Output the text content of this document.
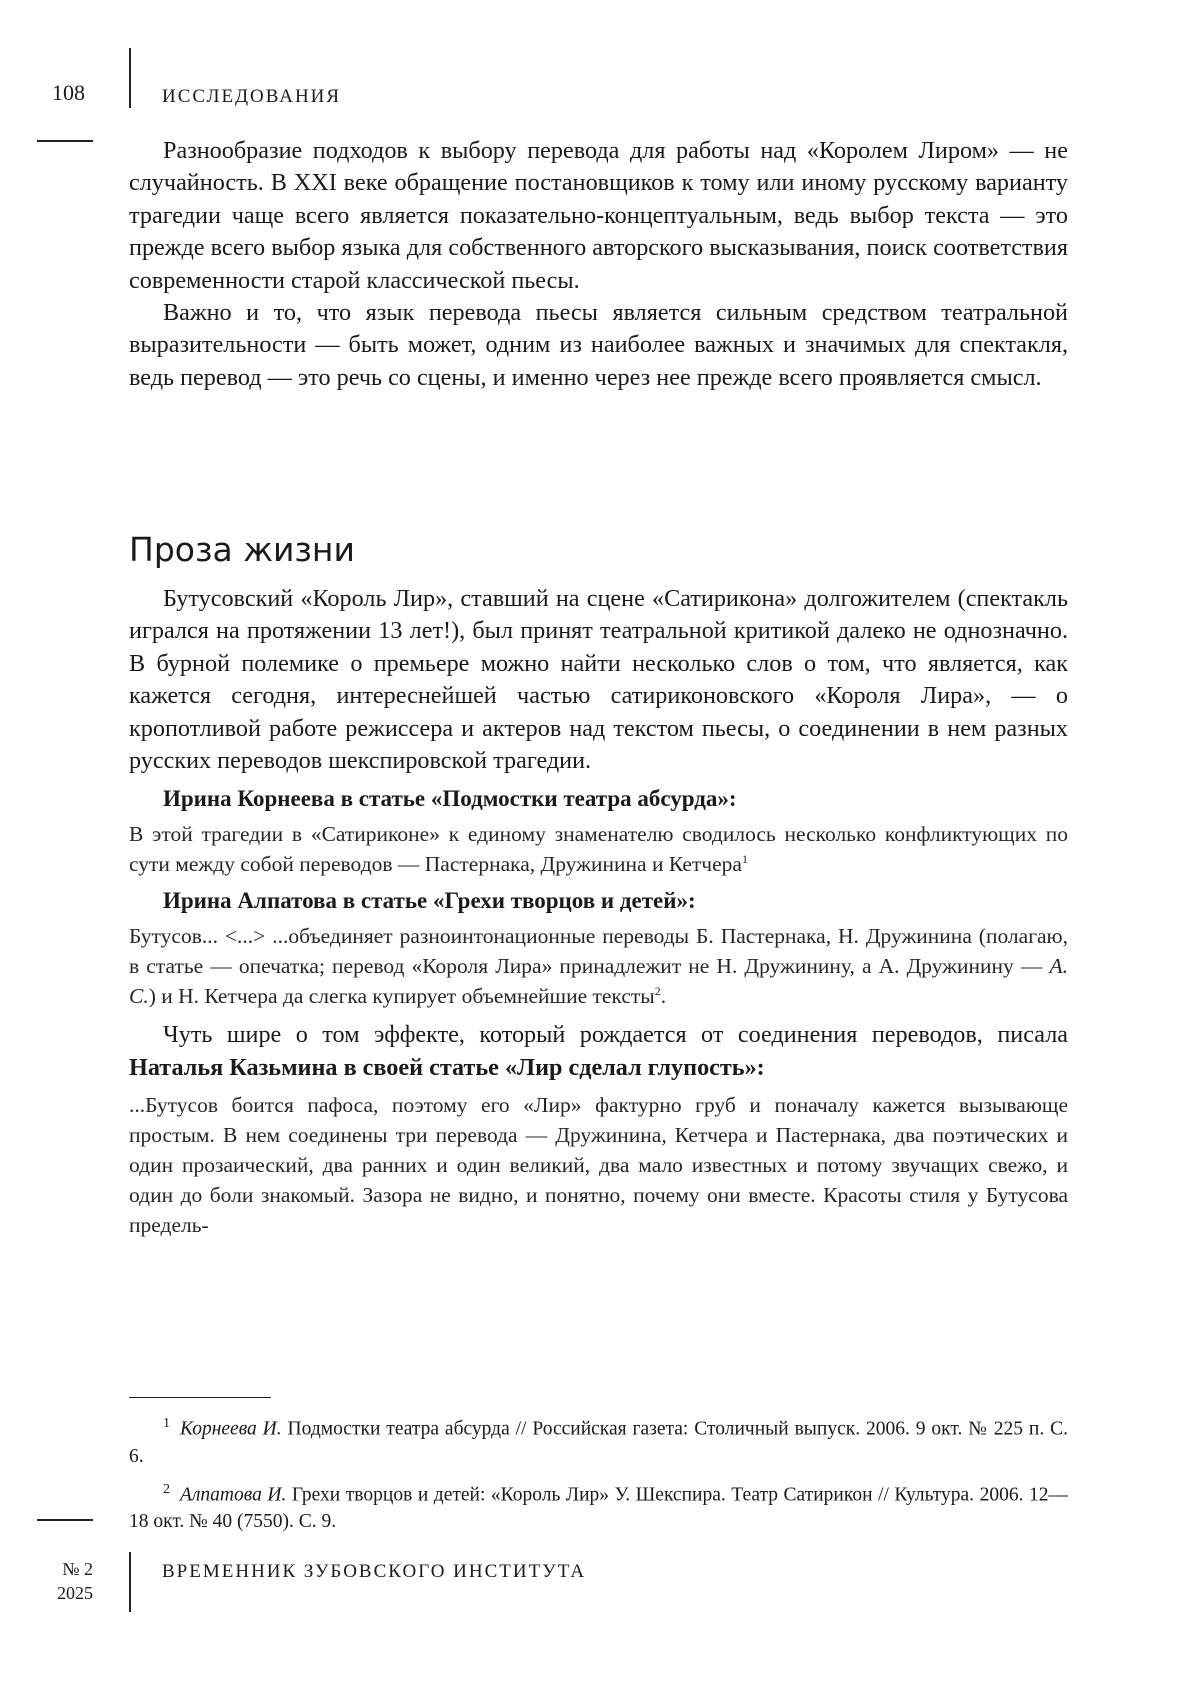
108	ИССЛЕДОВАНИЯ

Разнообразие подходов к выбору перевода для работы над «Королем Лиром» — не случайность. В XXI веке обращение постановщиков к тому или иному русскому варианту трагедии чаще всего является показательно-концептуальным, ведь выбор текста — это прежде всего выбор языка для собственного авторского высказывания, поиск соответствия современности старой классической пьесы.

Важно и то, что язык перевода пьесы является сильным средством театральной выразительности — быть может, одним из наиболее важных и значимых для спектакля, ведь перевод — это речь со сцены, и именно через нее прежде всего проявляется смысл.

Проза жизни

Бутусовский «Король Лир», ставший на сцене «Сатирикона» долгожителем (спектакль игрался на протяжении 13 лет!), был принят театральной критикой далеко не однозначно. В бурной полемике о премьере можно найти несколько слов о том, что является, как кажется сегодня, интереснейшей частью сатириконовского «Короля Лира», — о кропотливой работе режиссера и актеров над текстом пьесы, о соединении в нем разных русских переводов шекспировской трагедии.

Ирина Корнеева в статье «Подмостки театра абсурда»:

В этой трагедии в «Сатириконе» к единому знаменателю сводилось несколько конфликтующих по сути между собой переводов — Пастернака, Дружинина и Кетчера$^1$

Ирина Алпатова в статье «Грехи творцов и детей»:

Бутусов... <...> ...объединяет разноинтонационные переводы Б. Пастернака, Н. Дружинина (полагаю, в статье — опечатка; перевод «Короля Лира» принадлежит не Н. Дружинину, а А. Дружинину — А. С.) и Н. Кетчера да слегка купирует объемнейшие тексты$^2$.

Чуть шире о том эффекте, который рождается от соединения переводов, писала Наталья Казьмина в своей статье «Лир сделал глупость»:

...Бутусов боится пафоса, поэтому его «Лир» фактурно груб и поначалу кажется вызывающе простым. В нем соединены три перевода — Дружинина, Кетчера и Пастернака, два поэтических и один прозаический, два ранних и один великий, два мало известных и потому звучащих свежо, и один до боли знакомый. Зазора не видно, и понятно, почему они вместе. Красоты стиля у Бутусова предель-

$^1$ Корнеева И. Подмостки театра абсурда // Российская газета: Столичный выпуск. 2006. 9 окт. № 225 п. С. 6.

$^2$ Алпатова И. Грехи творцов и детей: «Король Лир» У. Шекспира. Театр Сатирикон // Культура. 2006. 12—18 окт. № 40 (7550). С. 9.

№ 2
2025
ВРЕМЕННИК ЗУБОВСКОГО ИНСТИТУТА
